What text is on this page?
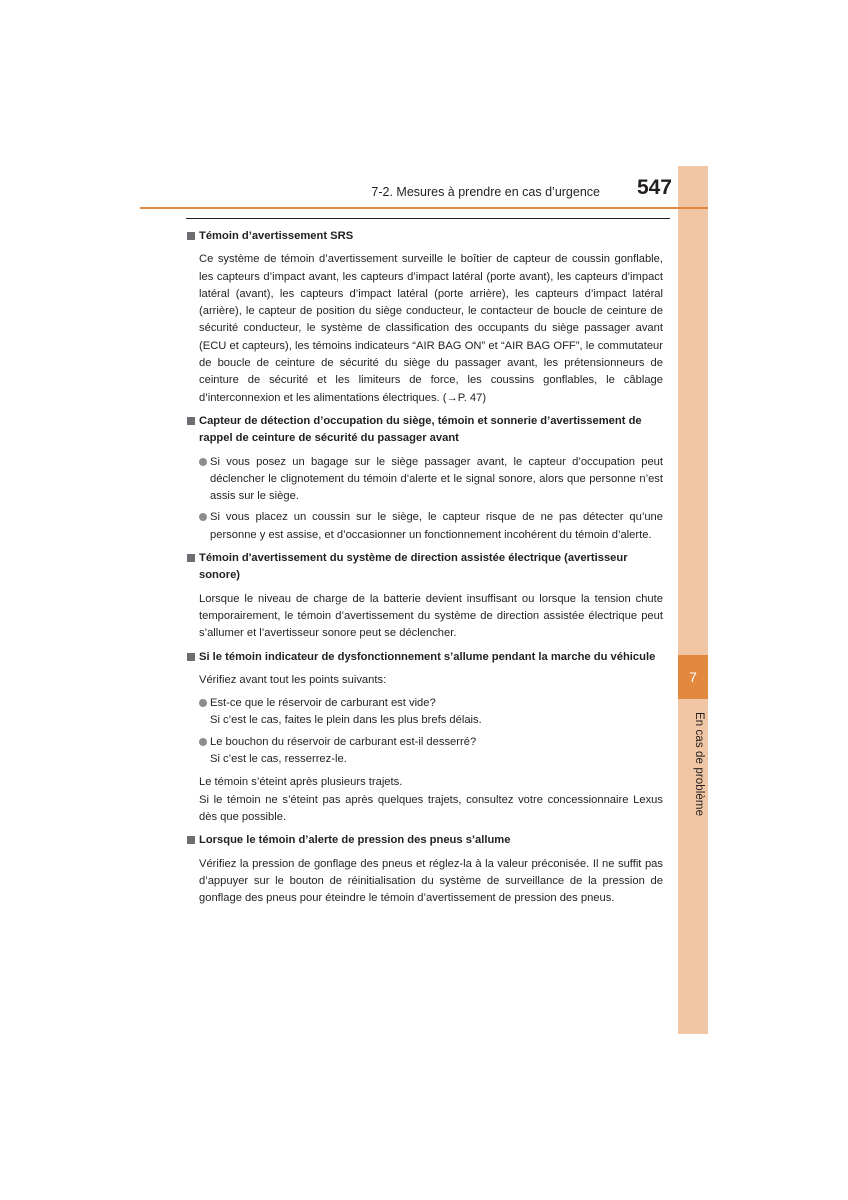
7
En cas de problème
7-2. Mesures à prendre en cas d’urgence	547
Témoin d’avertissement SRS

Ce système de témoin d’avertissement surveille le boîtier de capteur de coussin gonflable, les capteurs d’impact avant, les capteurs d’impact latéral (porte avant), les capteurs d’impact latéral (avant), les capteurs d’impact latéral (porte arrière), les capteurs d’impact latéral (arrière), le capteur de position du siège conducteur, le contacteur de boucle de ceinture de sécurité conducteur, le système de classification des occupants du siège passager avant (ECU et capteurs), les témoins indicateurs “AIR BAG ON” et “AIR BAG OFF”, le commutateur de boucle de ceinture de sécurité du siège du passager avant, les prétensionneurs de ceinture de sécurité et les limiteurs de force, les coussins gonflables, le câblage d’interconnexion et les alimentations électriques. (→P. 47)

Capteur de détection d’occupation du siège, témoin et sonnerie d’avertissement de rappel de ceinture de sécurité du passager avant
Si vous posez un bagage sur le siège passager avant, le capteur d’occupation peut déclencher le clignotement du témoin d’alerte et le signal sonore, alors que personne n’est assis sur le siège.
Si vous placez un coussin sur le siège, le capteur risque de ne pas détecter qu’une personne y est assise, et d’occasionner un fonctionnement incohérent du témoin d’alerte.
Témoin d'avertissement du système de direction assistée électrique (avertisseur sonore)

Lorsque le niveau de charge de la batterie devient insuffisant ou lorsque la tension chute temporairement, le témoin d’avertissement du système de direction assistée électrique peut s’allumer et l’avertisseur sonore peut se déclencher.

Si le témoin indicateur de dysfonctionnement s’allume pendant la marche du véhicule

Vérifiez avant tout les points suivants:

Est-ce que le réservoir de carburant est vide?
Si c’est le cas, faites le plein dans les plus brefs délais.
Le bouchon du réservoir de carburant est-il desserré?
Si c’est le cas, resserrez-le.

Le témoin s’éteint après plusieurs trajets.
Si le témoin ne s’éteint pas après quelques trajets, consultez votre concessionnaire Lexus dès que possible.

Lorsque le témoin d’alerte de pression des pneus s’allume

Vérifiez la pression de gonflage des pneus et réglez-la à la valeur préconisée. Il ne suffit pas d’appuyer sur le bouton de réinitialisation du système de surveillance de la pression de gonflage des pneus pour éteindre le témoin d’avertissement de pression des pneus.
